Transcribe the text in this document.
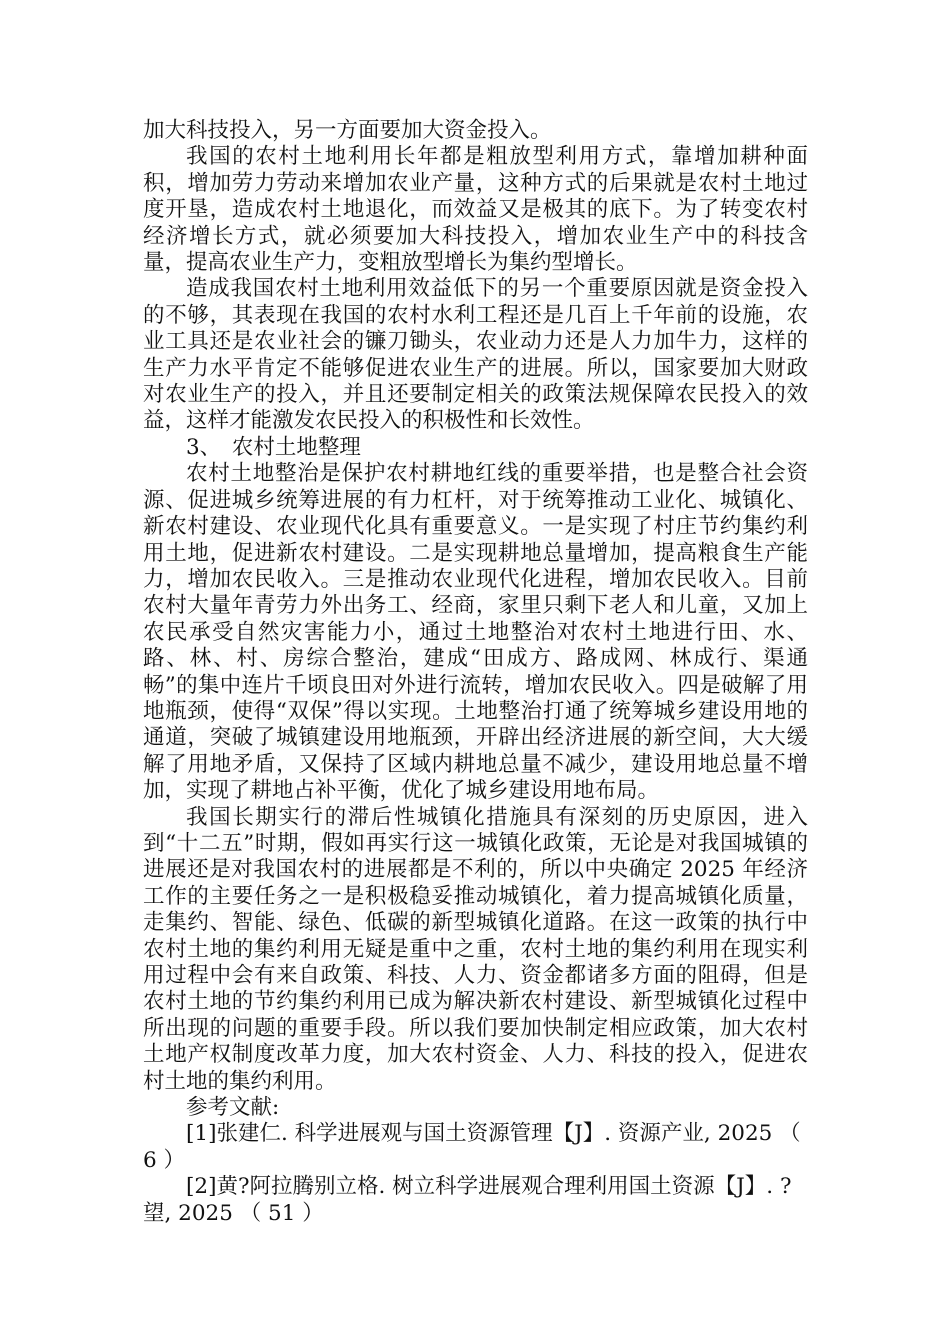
加大科技投入，另一方面要加大资金投入。

我国的农村土地利用长年都是粗放型利用方式，靠增加耕种面积，增加劳力劳动来增加农业产量，这种方式的后果就是农村土地过度开垦，造成农村土地退化，而效益又是极其的底下。为了转变农村经济增长方式，就必须要加大科技投入，增加农业生产中的科技含量，提高农业生产力，变粗放型增长为集约型增长。

造成我国农村土地利用效益低下的另一个重要原因就是资金投入的不够，其表现在我国的农村水利工程还是几百上千年前的设施，农业工具还是农业社会的镰刀锄头，农业动力还是人力加牛力，这样的生产力水平肯定不能够促进农业生产的进展。所以，国家要加大财政对农业生产的投入，并且还要制定相关的政策法规保障农民投入的效益，这样才能激发农民投入的积极性和长效性。

3、　农村土地整理

农村土地整治是保护农村耕地红线的重要举措，也是整合社会资源、促进城乡统筹进展的有力杠杆，对于统筹推动工业化、城镇化、新农村建设、农业现代化具有重要意义。一是实现了村庄节约集约利用土地，促进新农村建设。二是实现耕地总量增加，提高粮食生产能力，增加农民收入。三是推动农业现代化进程，增加农民收入。目前农村大量年青劳力外出务工、经商，家里只剩下老人和儿童，又加上农民承受自然灾害能力小，通过土地整治对农村土地进行田、水、路、林、村、房综合整治，建成“田成方、路成网、林成行、渠通畅”的集中连片千顷良田对外进行流转，增加农民收入。四是破解了用地瓶颈，使得“双保”得以实现。土地整治打通了统筹城乡建设用地的通道，突破了城镇建设用地瓶颈，开辟出经济进展的新空间，大大缓解了用地矛盾，又保持了区域内耕地总量不减少，建设用地总量不增加，实现了耕地占补平衡，优化了城乡建设用地布局。

我国长期实行的滞后性城镇化措施具有深刻的历史原因，进入到“十二五”时期，假如再实行这一城镇化政策，无论是对我国城镇的进展还是对我国农村的进展都是不利的，所以中央确定 2025 年经济工作的主要任务之一是积极稳妥推动城镇化，着力提高城镇化质量，走集约、智能、绿色、低碳的新型城镇化道路。在这一政策的执行中农村土地的集约利用无疑是重中之重，农村土地的集约利用在现实利用过程中会有来自政策、科技、人力、资金都诸多方面的阻碍，但是农村土地的节约集约利用已成为解决新农村建设、新型城镇化过程中所出现的问题的重要手段。所以我们要加快制定相应政策，加大农村土地产权制度改革力度，加大农村资金、人力、科技的投入，促进农村土地的集约利用。

参考文献:

[1]张建仁. 科学进展观与国土资源管理【J】. 资源产业, 2025 （ 6 ）

[2]黄?阿拉腾别立格. 树立科学进展观合理利用国土资源【J】. ?望, 2025 （ 51 ）
